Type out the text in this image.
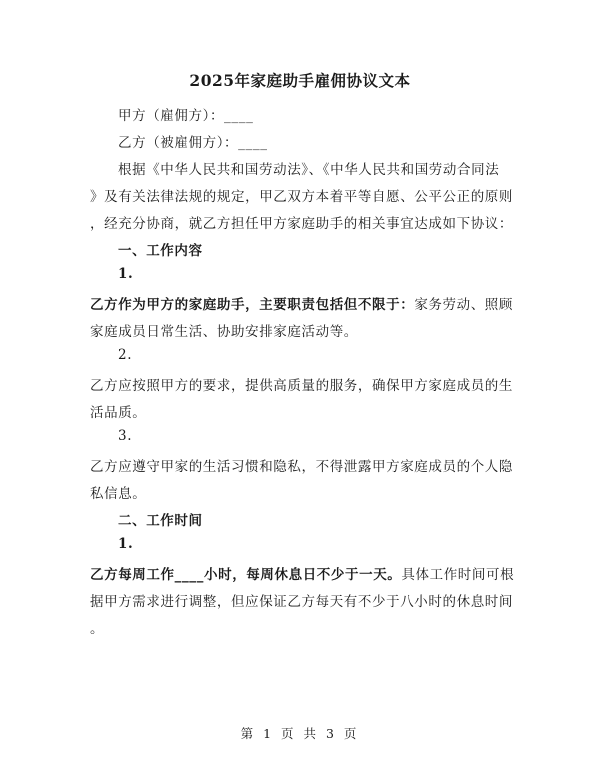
2025年家庭助手雇佣协议文本
甲方（雇佣方）：____
乙方（被雇佣方）：____
根据《中华人民共和国劳动法》、《中华人民共和国劳动合同法
》及有关法律法规的规定，甲乙双方本着平等自愿、公平公正的原则
，经充分协商，就乙方担任甲方家庭助手的相关事宜达成如下协议：
一、工作内容
1.
乙方作为甲方的家庭助手，主要职责包括但不限于：家务劳动、照顾
家庭成员日常生活、协助安排家庭活动等。
2.
乙方应按照甲方的要求，提供高质量的服务，确保甲方家庭成员的生
活品质。
3.
乙方应遵守甲家的生活习惯和隐私，不得泄露甲方家庭成员的个人隐
私信息。
二、工作时间
1.
乙方每周工作____小时，每周休息日不少于一天。具体工作时间可根
据甲方需求进行调整，但应保证乙方每天有不少于八小时的休息时间
。
第 1 页 共 3 页
